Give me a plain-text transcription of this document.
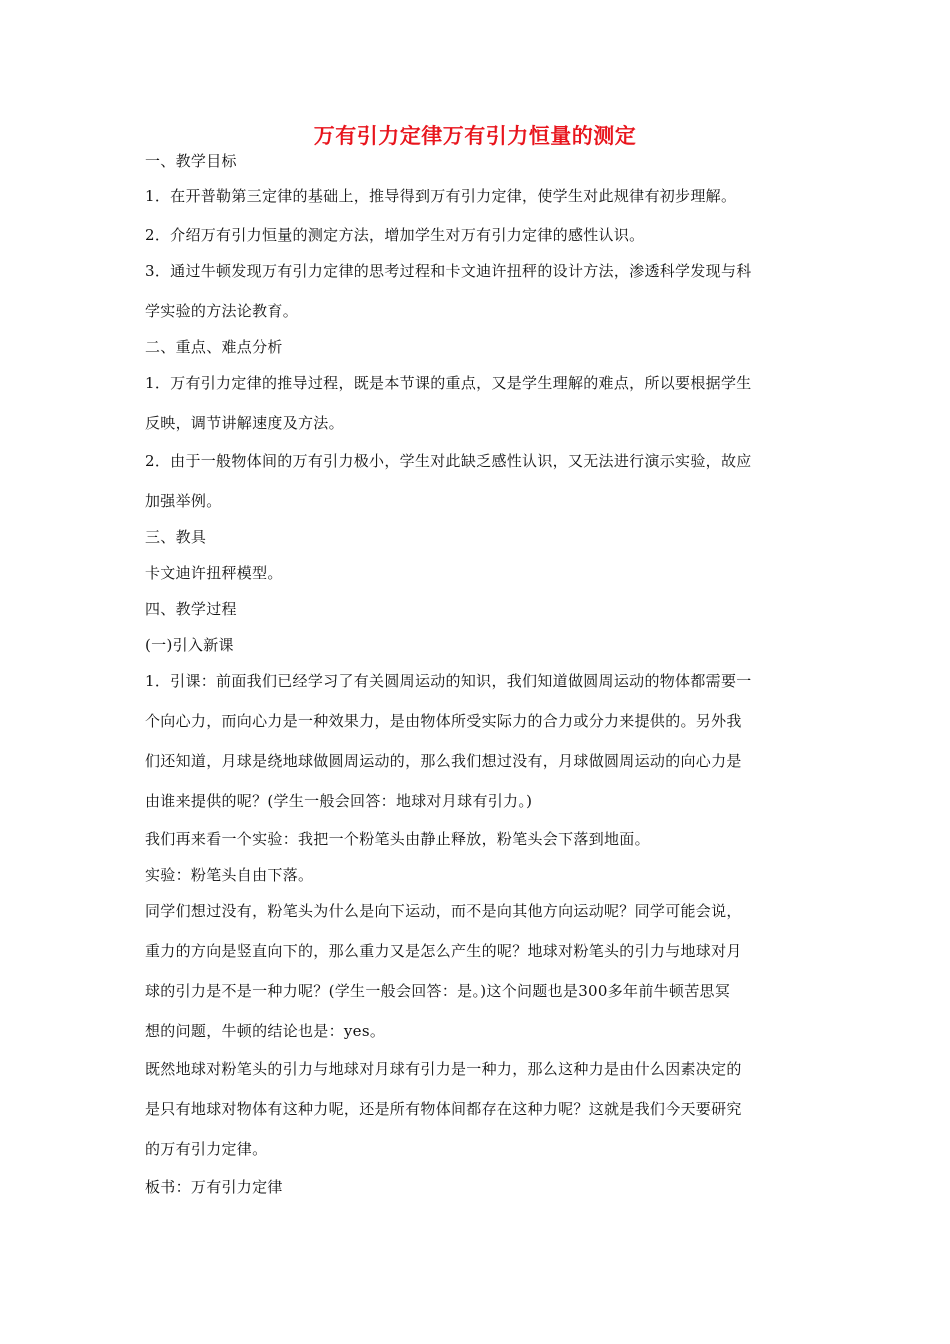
万有引力定律万有引力恒量的测定
一、教学目标
1．在开普勒第三定律的基础上，推导得到万有引力定律，使学生对此规律有初步理解。
2．介绍万有引力恒量的测定方法，增加学生对万有引力定律的感性认识。
3．通过牛顿发现万有引力定律的思考过程和卡文迪许扭秤的设计方法，渗透科学发现与科
学实验的方法论教育。
二、重点、难点分析
1．万有引力定律的推导过程，既是本节课的重点，又是学生理解的难点，所以要根据学生
反映，调节讲解速度及方法。
2．由于一般物体间的万有引力极小，学生对此缺乏感性认识，又无法进行演示实验，故应
加强举例。
三、教具
卡文迪许扭秤模型。
四、教学过程
(一)引入新课
1．引课：前面我们已经学习了有关圆周运动的知识，我们知道做圆周运动的物体都需要一
个向心力，而向心力是一种效果力，是由物体所受实际力的合力或分力来提供的。另外我
们还知道，月球是绕地球做圆周运动的，那么我们想过没有，月球做圆周运动的向心力是
由谁来提供的呢？(学生一般会回答：地球对月球有引力。)
我们再来看一个实验：我把一个粉笔头由静止释放，粉笔头会下落到地面。
实验：粉笔头自由下落。
同学们想过没有，粉笔头为什么是向下运动，而不是向其他方向运动呢？同学可能会说，
重力的方向是竖直向下的，那么重力又是怎么产生的呢？地球对粉笔头的引力与地球对月
球的引力是不是一种力呢？(学生一般会回答：是。)这个问题也是300多年前牛顿苦思冥
想的问题，牛顿的结论也是：yes。
既然地球对粉笔头的引力与地球对月球有引力是一种力，那么这种力是由什么因素决定的
是只有地球对物体有这种力呢，还是所有物体间都存在这种力呢？这就是我们今天要研究
的万有引力定律。
板书：万有引力定律
